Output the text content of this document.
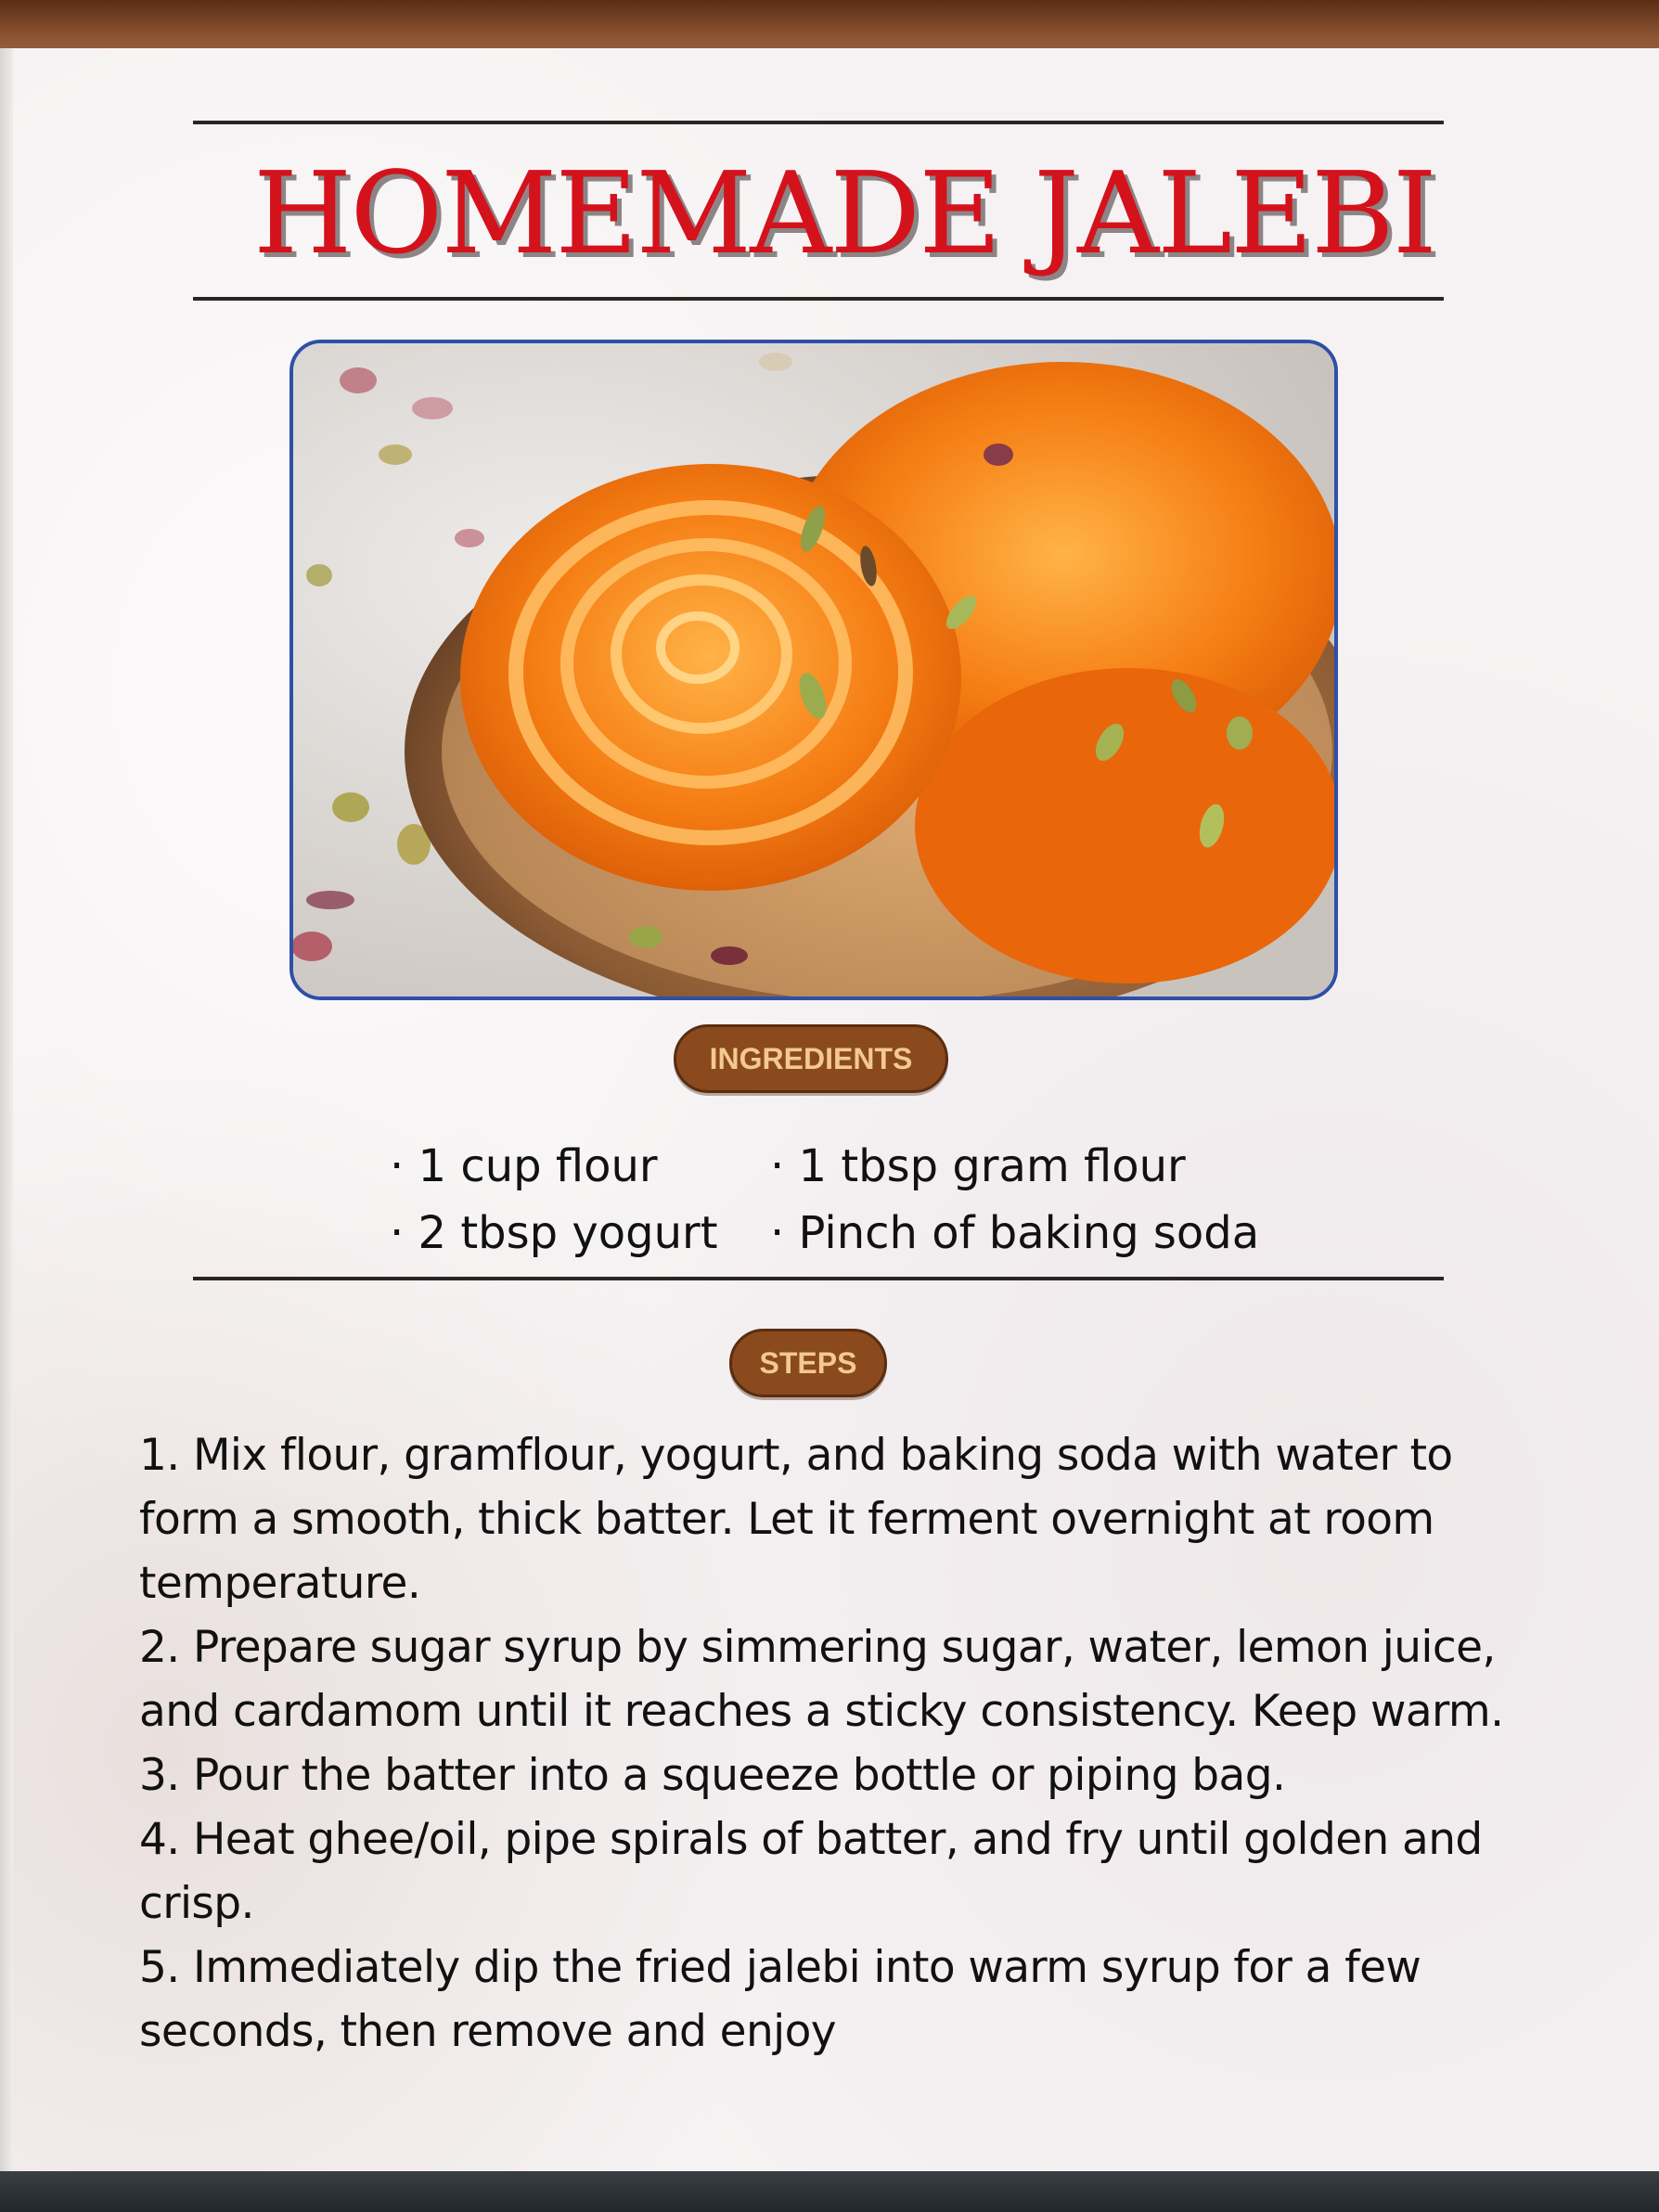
HOMEMADE JALEBI
INGREDIENTS
· 1 cup flour	· 1 tbsp gram flour
· 2 tbsp yogurt · Pinch of baking soda
STEPS

1. Mix flour, gramflour, yogurt, and baking soda with water to form a smooth, thick batter. Let it ferment overnight at room temperature.

2. Prepare sugar syrup by simmering sugar, water, lemon juice, and cardamom until it reaches a sticky consistency. Keep warm.

3. Pour the batter into a squeeze bottle or piping bag.

4. Heat ghee/oil, pipe spirals of batter, and fry until golden and crisp.

5. Immediately dip the fried jalebi into warm syrup for a few seconds, then remove and enjoy
